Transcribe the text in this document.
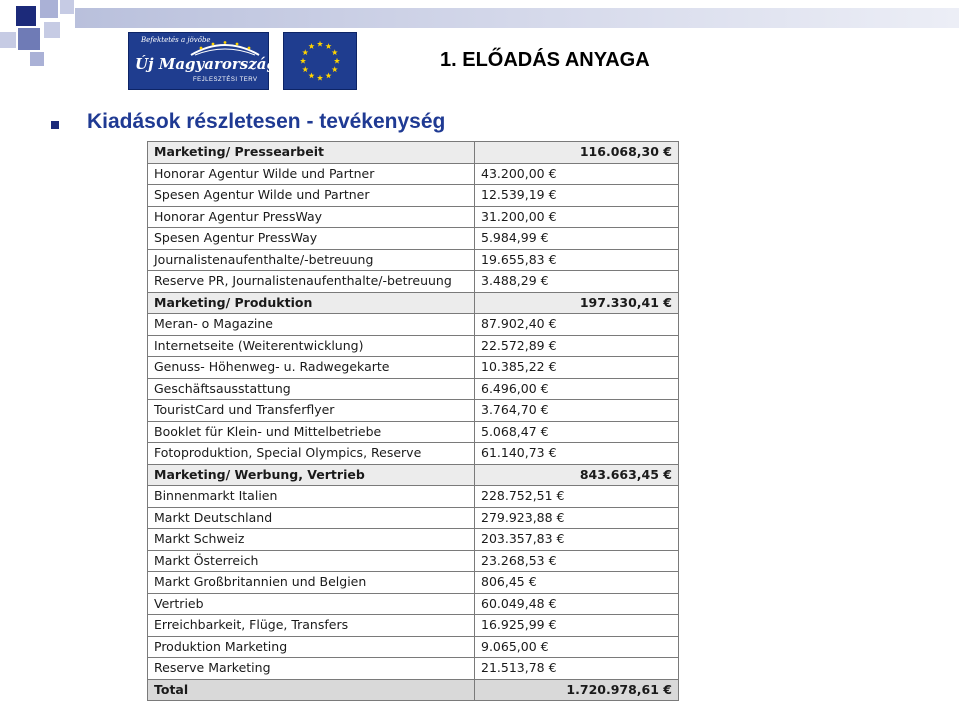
Befektetés a jövőbe
Új Magyarország
FEJLESZTÉSI TERV
1. ELŐADÁS ANYAGA
Kiadások részletesen - tevékenység
Marketing/ Pressearbeit	116.068,30 €
Honorar Agentur Wilde und Partner	43.200,00 €
Spesen Agentur Wilde und Partner	12.539,19 €
Honorar Agentur PressWay	31.200,00 €
Spesen Agentur PressWay	5.984,99 €
Journalistenaufenthalte/-betreuung	19.655,83 €
Reserve PR, Journalistenaufenthalte/-betreuung	3.488,29 €
Marketing/ Produktion	197.330,41 €
Meran- o Magazine	87.902,40 €
Internetseite (Weiterentwicklung)	22.572,89 €
Genuss- Höhenweg- u. Radwegekarte	10.385,22 €
Geschäftsausstattung	6.496,00 €
TouristCard und Transferflyer	3.764,70 €
Booklet für Klein- und Mittelbetriebe	5.068,47 €
Fotoproduktion, Special Olympics, Reserve	61.140,73 €
Marketing/ Werbung, Vertrieb	843.663,45 €
Binnenmarkt Italien	228.752,51 €
Markt Deutschland	279.923,88 €
Markt Schweiz	203.357,83 €
Markt Österreich	23.268,53 €
Markt Großbritannien und Belgien	806,45 €
Vertrieb	60.049,48 €
Erreichbarkeit, Flüge, Transfers	16.925,99 €
Produktion Marketing	9.065,00 €
Reserve Marketing	21.513,78 €
Total	1.720.978,61 €
